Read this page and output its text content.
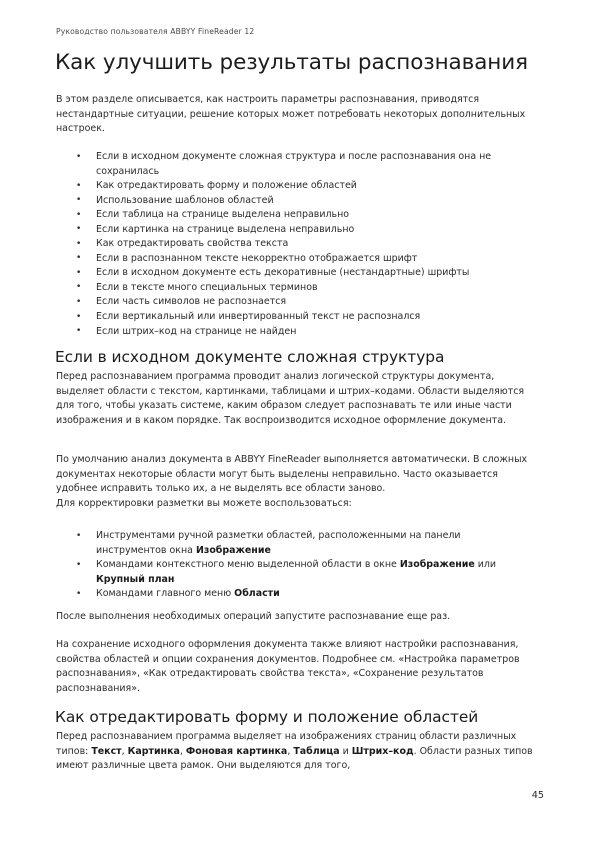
Руководство пользователя ABBYY FineReader 12
Как улучшить результаты распознавания

В этом разделе описывается, как настроить параметры распознавания, приводятся нестандартные ситуации, решение которых может потребовать некоторых дополнительных настроек.

• Если в исходном документе сложная структура и после распознавания она не сохранилась
• Как отредактировать форму и положение областей
• Использование шаблонов областей
• Если таблица на странице выделена неправильно
• Если картинка на странице выделена неправильно
• Как отредактировать свойства текста
• Если в распознанном тексте некорректно отображается шрифт
• Если в исходном документе есть декоративные (нестандартные) шрифты
• Если в тексте много специальных терминов
• Если часть символов не распознается
• Если вертикальный или инвертированный текст не распознался
• Если штрих–код на странице не найден
Если в исходном документе сложная структура

Перед распознаванием программа проводит анализ логической структуры документа, выделяет области с текстом, картинками, таблицами и штрих–кодами. Области выделяются для того, чтобы указать системе, каким образом следует распознавать те или иные части изображения и в каком порядке. Так воспроизводится исходное оформление документа.

По умолчанию анализ документа в ABBYY FineReader выполняется автоматически. В сложных документах некоторые области могут быть выделены неправильно. Часто оказывается удобнее исправить только их, а не выделять все области заново.

Для корректировки разметки вы можете воспользоваться:

• Инструментами ручной разметки областей, расположенными на панели инструментов окна Изображение
• Командами контекстного меню выделенной области в окне Изображение или Крупный план
• Командами главного меню Области

После выполнения необходимых операций запустите распознавание еще раз.

На сохранение исходного оформления документа также влияют настройки распознавания, свойства областей и опции сохранения документов. Подробнее см. «Настройка параметров распознавания», «Как отредактировать свойства текста», «Сохранение результатов распознавания».

Как отредактировать форму и положение областей

Перед распознаванием программа выделяет на изображениях страниц области различных типов: Текст, Картинка, Фоновая картинка, Таблица и Штрих–код. Области разных типов имеют различные цвета рамок. Они выделяются для того,

45
